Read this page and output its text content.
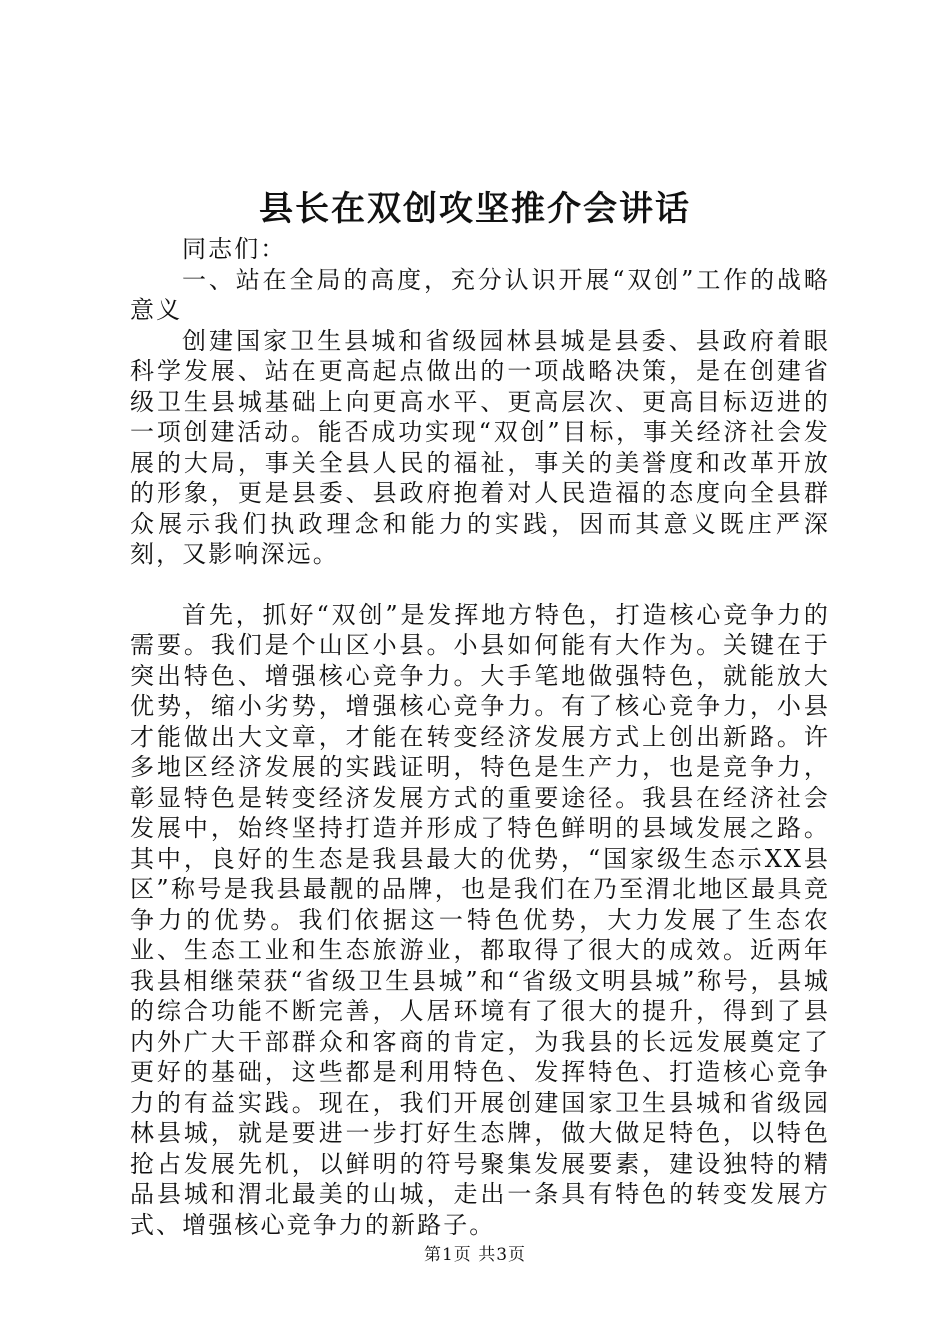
县长在双创攻坚推介会讲话

同志们：

一、站在全局的高度，充分认识开展“双创”工作的战略意义

创建国家卫生县城和省级园林县城是县委、县政府着眼科学发展、站在更高起点做出的一项战略决策，是在创建省级卫生县城基础上向更高水平、更高层次、更高目标迈进的一项创建活动。能否成功实现“双创”目标，事关经济社会发展的大局，事关全县人民的福祉，事关的美誉度和改革开放的形象，更是县委、县政府抱着对人民造福的态度向全县群众展示我们执政理念和能力的实践，因而其意义既庄严深刻，又影响深远。

首先，抓好“双创”是发挥地方特色，打造核心竞争力的需要。我们是个山区小县。小县如何能有大作为。关键在于突出特色、增强核心竞争力。大手笔地做强特色，就能放大优势，缩小劣势，增强核心竞争力。有了核心竞争力，小县才能做出大文章，才能在转变经济发展方式上创出新路。许多地区经济发展的实践证明，特色是生产力，也是竞争力，彰显特色是转变经济发展方式的重要途径。我县在经济社会发展中，始终坚持打造并形成了特色鲜明的县域发展之路。其中，良好的生态是我县最大的优势，“国家级生态示XX县区”称号是我县最靓的品牌，也是我们在乃至渭北地区最具竞争力的优势。我们依据这一特色优势，大力发展了生态农业、生态工业和生态旅游业，都取得了很大的成效。近两年我县相继荣获“省级卫生县城”和“省级文明县城”称号，县城的综合功能不断完善，人居环境有了很大的提升，得到了县内外广大干部群众和客商的肯定，为我县的长远发展奠定了更好的基础，这些都是利用特色、发挥特色、打造核心竞争力的有益实践。现在，我们开展创建国家卫生县城和省级园林县城，就是要进一步打好生态牌，做大做足特色，以特色抢占发展先机，以鲜明的符号聚集发展要素，建设独特的精品县城和渭北最美的山城，走出一条具有特色的转变发展方式、增强核心竞争力的新路子。

第1页 共3页
